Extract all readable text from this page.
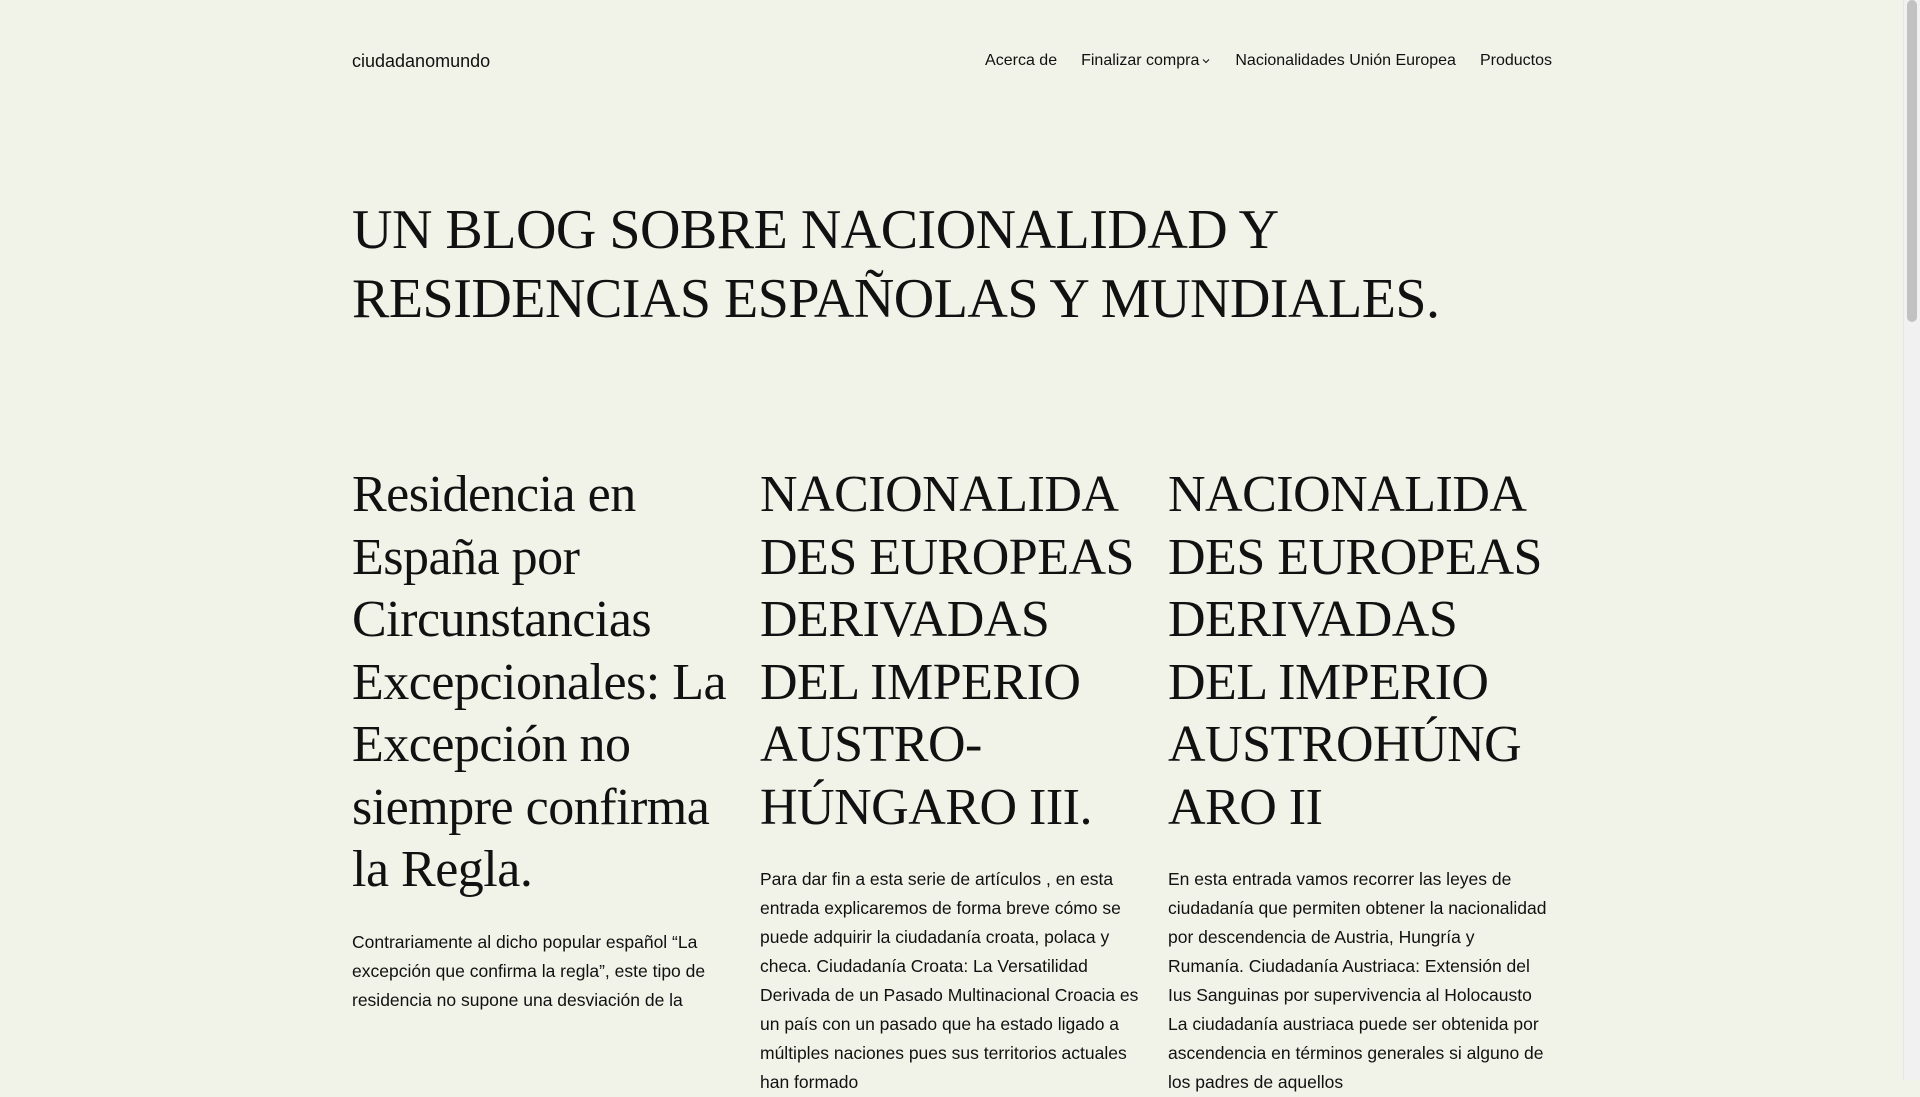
ciudadanomundo	Acerca de Finalizar compra Nacionalidades Unión Europea Productos
UN BLOG SOBRE NACIONALIDAD Y RESIDENCIAS ESPAÑOLAS Y MUNDIALES.
Residencia en España por Circunstancias Excepcionales: La Excepción no siempre confirma la Regla.

Contrariamente al dicho popular español “La excepción que confirma la regla”, este tipo de residencia no supone una desviación de la

NACIONALIDADES EUROPEAS DERIVADAS DEL IMPERIO AUSTRO-HÚNGARO III.

Para dar fin a esta serie de artículos , en esta entrada explicaremos de forma breve cómo se puede adquirir la ciudadanía croata, polaca y checa. Ciudadanía Croata: La Versatilidad Derivada de un Pasado Multinacional Croacia es un país con un pasado que ha estado ligado a múltiples naciones pues sus territorios actuales han formado

NACIONALIDADES EUROPEAS DERIVADAS DEL IMPERIO AUSTROHÚNGARO II

En esta entrada vamos recorrer las leyes de ciudadanía que permiten obtener la nacionalidad por descendencia de Austria, Hungría y Rumanía. Ciudadanía Austriaca: Extensión del Ius Sanguinas por supervivencia al Holocausto La ciudadanía austriaca puede ser obtenida por ascendencia en términos generales si alguno de los padres de aquellos
